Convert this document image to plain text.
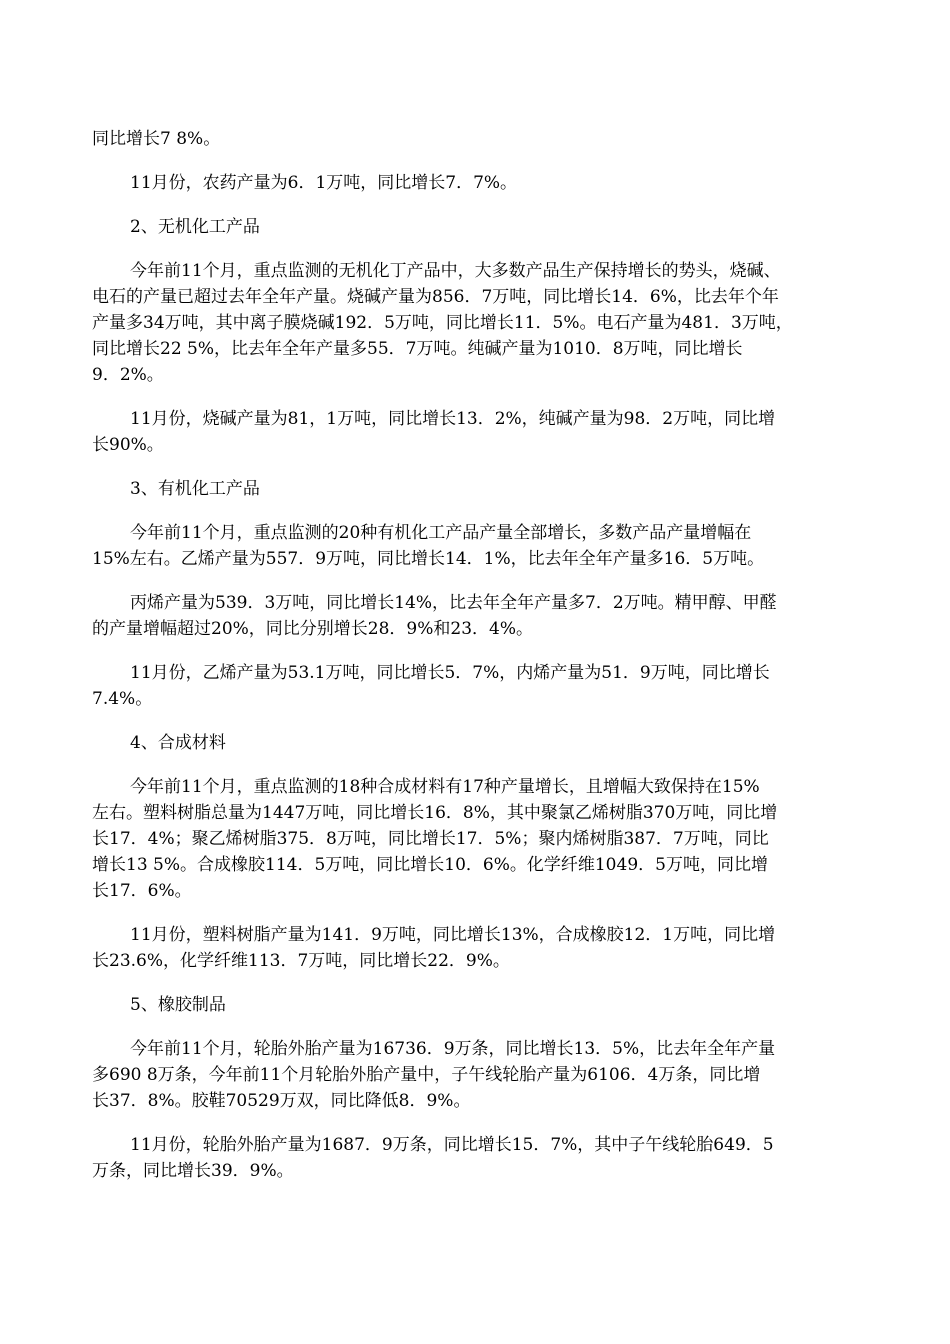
同比增长7 8%。

11月份，农药产量为6．1万吨，同比增长7．7%。

2、无机化工产品

今年前11个月，重点监测的无机化丁产品中，大多数产品生产保持增长的势头，烧碱、
电石的产量已超过去年全年产量。烧碱产量为856．7万吨，同比增长14．6%，比去年个年
产量多34万吨，其中离子膜烧碱192．5万吨，同比增长11．5%。电石产量为481．3万吨，
同比增长22 5%，比去年全年产量多55．7万吨。纯碱产量为1010．8万吨，同比增长
9．2%。

11月份，烧碱产量为81，1万吨，同比增长13．2%，纯碱产量为98．2万吨，同比增
长90%。

3、有机化工产品

今年前11个月，重点监测的20种有机化工产品产量全部增长，多数产品产量增幅在
15%左右。乙烯产量为557．9万吨，同比增长14．1%，比去年全年产量多16．5万吨。

丙烯产量为539．3万吨，同比增长14%，比去年全年产量多7．2万吨。精甲醇、甲醛
的产量增幅超过20%，同比分别增长28．9%和23．4%。

11月份，乙烯产量为53.1万吨，同比增长5．7%，内烯产量为51．9万吨，同比增长
7.4%。

4、合成材料

今年前11个月，重点监测的18种合成材料有17种产量增长，且增幅大致保持在15%
左右。塑料树脂总量为1447万吨，同比增长16．8%，其中聚氯乙烯树脂370万吨，同比增
长17．4%；聚乙烯树脂375．8万吨，同比增长17．5%；聚内烯树脂387．7万吨，同比
增长13 5%。合成橡胶114．5万吨，同比增长10．6%。化学纤维1049．5万吨，同比增
长17．6%。

11月份，塑料树脂产量为141．9万吨，同比增长13%，合成橡胶12．1万吨，同比增
长23.6%，化学纤维113．7万吨，同比增长22．9%。

5、橡胶制品

今年前11个月，轮胎外胎产量为16736．9万条，同比增长13．5%，比去年全年产量
多690 8万条，今年前11个月轮胎外胎产量中，子午线轮胎产量为6106．4万条，同比增
长37．8%。胶鞋70529万双，同比降低8．9%。

11月份，轮胎外胎产量为1687．9万条，同比增长15．7%，其中子午线轮胎649．5
万条，同比增长39．9%。
